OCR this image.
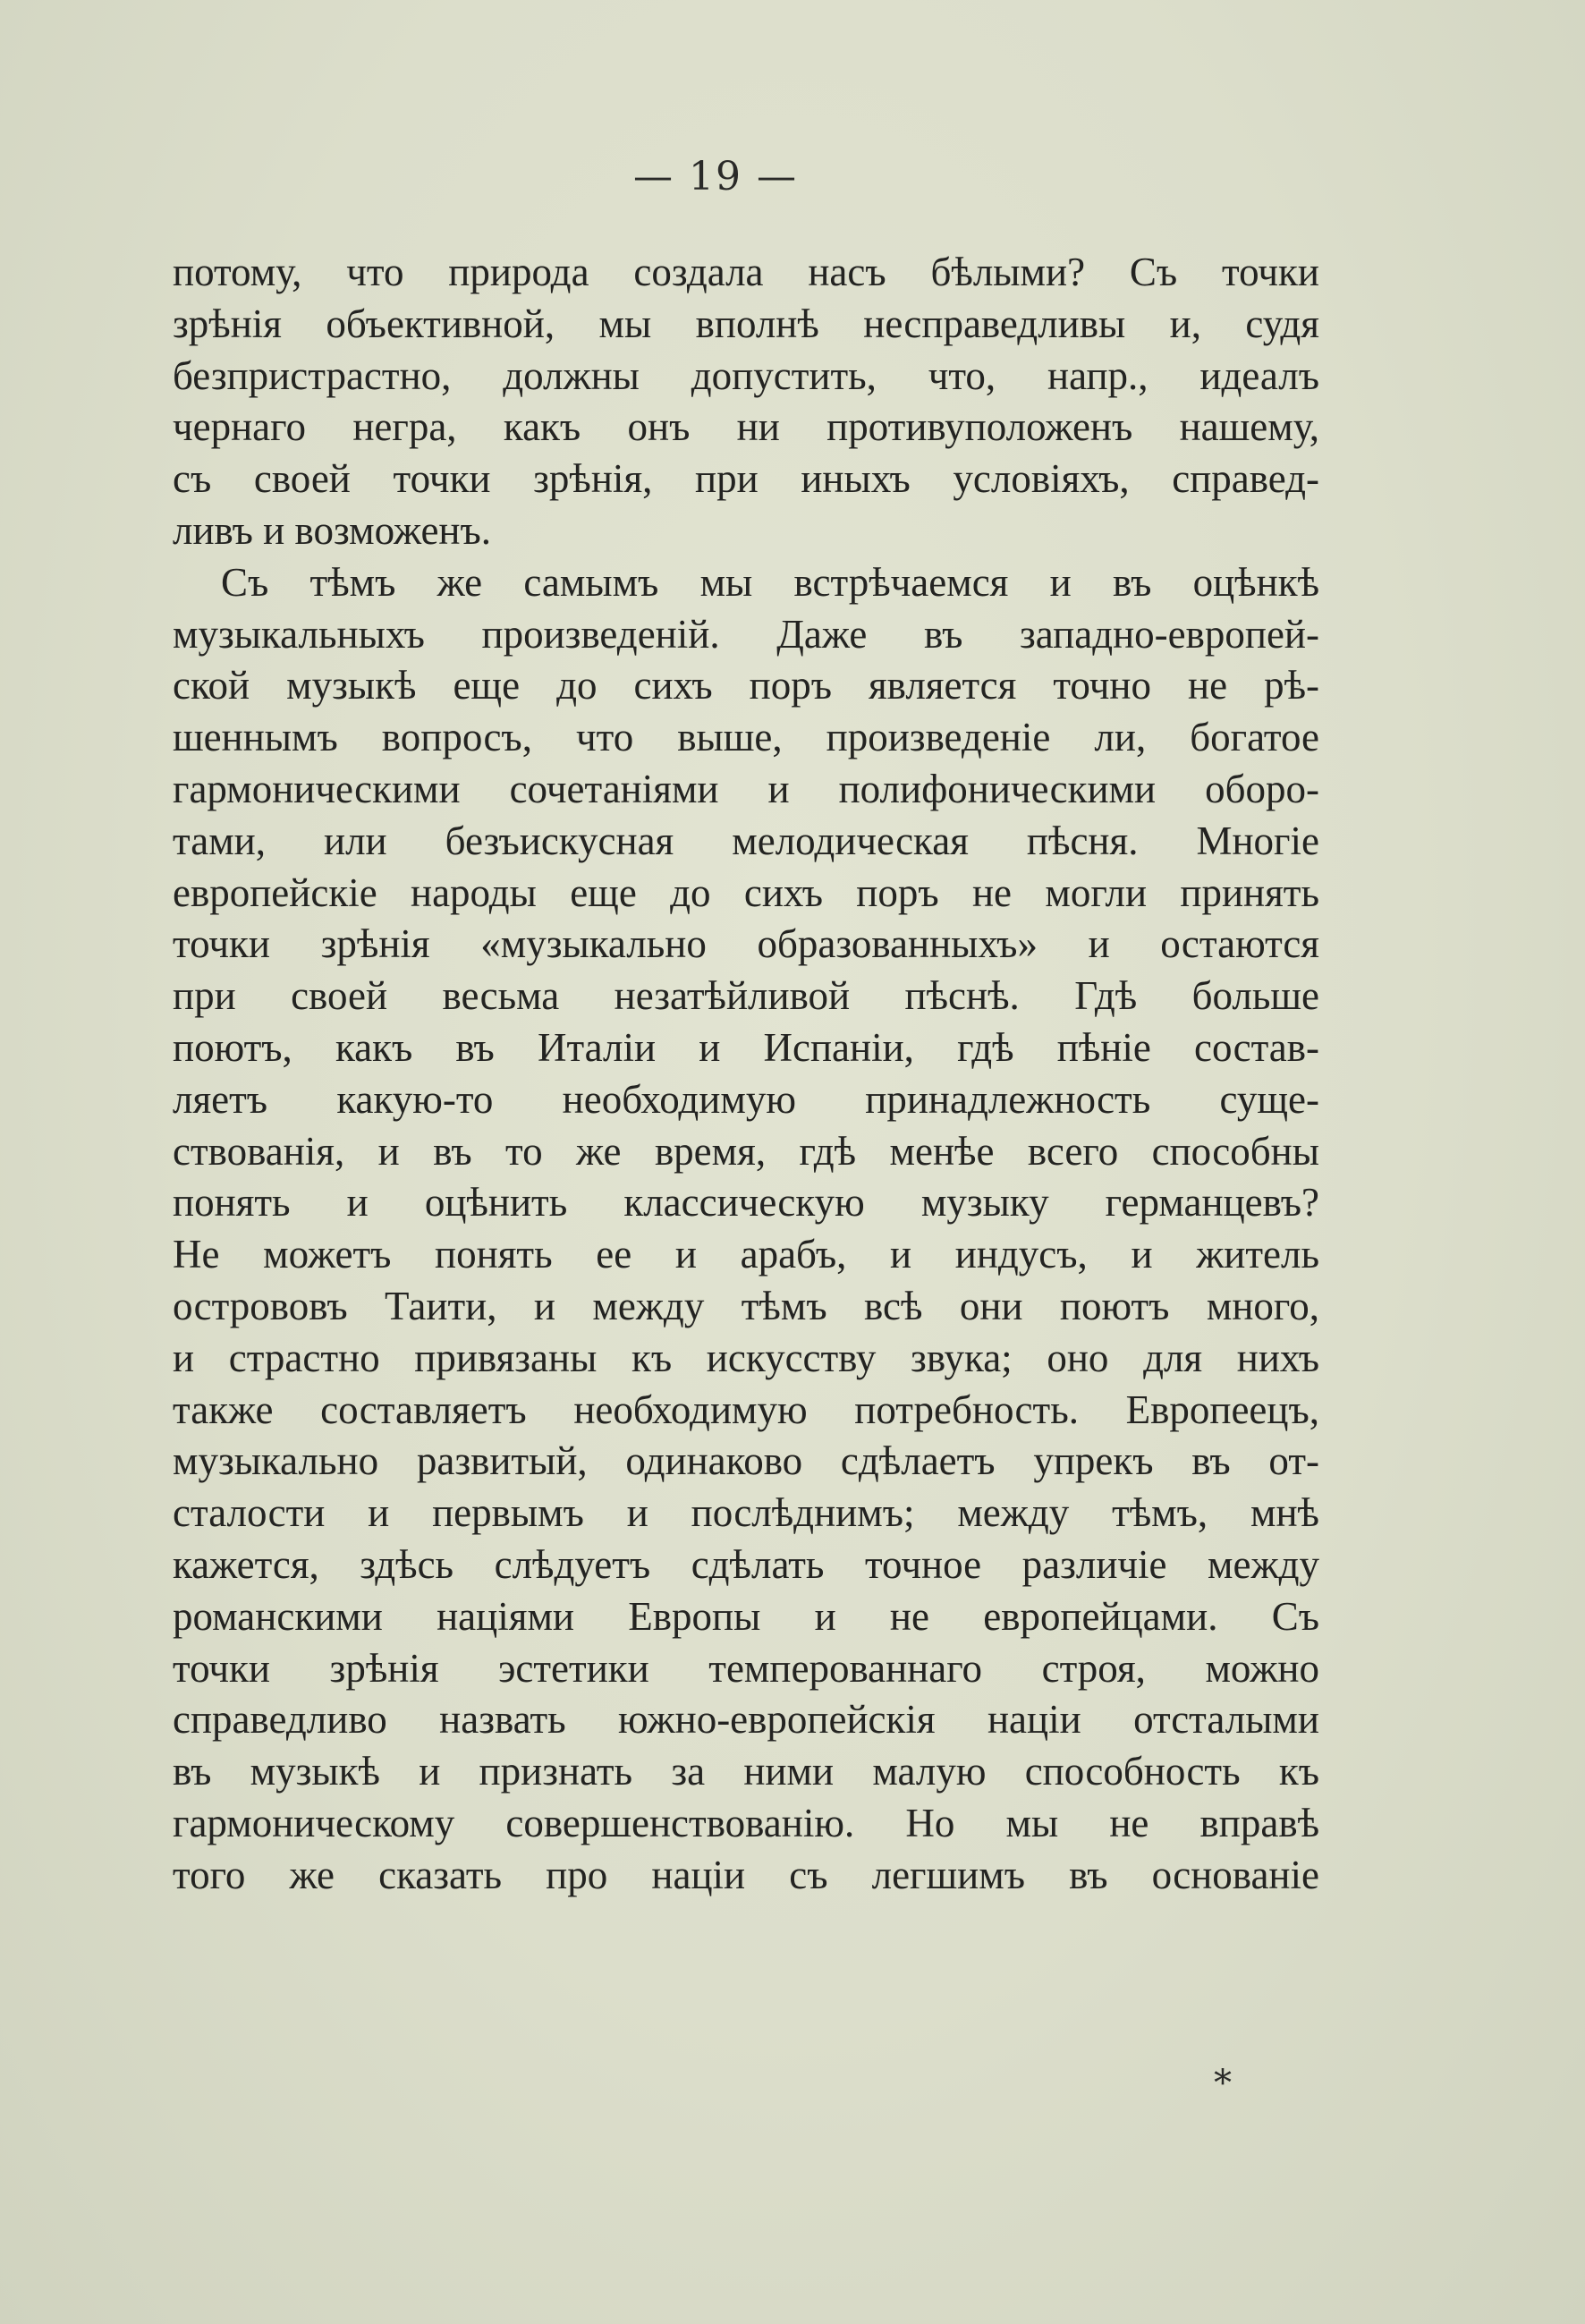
— 19 —
потому, что природа создала насъ бѣлыми? Съ точки
зрѣнія объективной, мы вполнѣ несправедливы и, судя
безпристрастно, должны допустить, что, напр., идеалъ
чернаго негра, какъ онъ ни противуположенъ нашему,
съ своей точки зрѣнія, при иныхъ условіяхъ, справед-
ливъ и возможенъ.
Съ тѣмъ же самымъ мы встрѣчаемся и въ оцѣнкѣ
музыкальныхъ произведеній. Даже въ западно-европей-
ской музыкѣ еще до сихъ поръ является точно не рѣ-
шеннымъ вопросъ, что выше, произведеніе ли, богатое
гармоническими сочетаніями и полифоническими оборо-
тами, или безъискусная мелодическая пѣсня. Многіе
европейскіе народы еще до сихъ поръ не могли принять
точки зрѣнія «музыкально образованныхъ» и остаются
при своей весьма незатѣйливой пѣснѣ. Гдѣ больше
поютъ, какъ въ Италіи и Испаніи, гдѣ пѣніе состав-
ляетъ какую-то необходимую принадлежность суще-
ствованія, и въ то же время, гдѣ менѣе всего способны
понять и оцѣнить классическую музыку германцевъ?
Не можетъ понять ее и арабъ, и индусъ, и житель
острововъ Таити, и между тѣмъ всѣ они поютъ много,
и страстно привязаны къ искусству звука; оно для нихъ
также составляетъ необходимую потребность. Европеецъ,
музыкально развитый, одинаково сдѣлаетъ упрекъ въ от-
сталости и первымъ и послѣднимъ; между тѣмъ, мнѣ
кажется, здѣсь слѣдуетъ сдѣлать точное различіе между
романскими націями Европы и не европейцами. Съ
точки зрѣнія эстетики темперованнаго строя, можно
справедливо назвать южно-европейскія націи отсталыми
въ музыкѣ и признать за ними малую способность къ
гармоническому совершенствованію. Но мы не вправѣ
того же сказать про націи съ легшимъ въ основаніе
*
